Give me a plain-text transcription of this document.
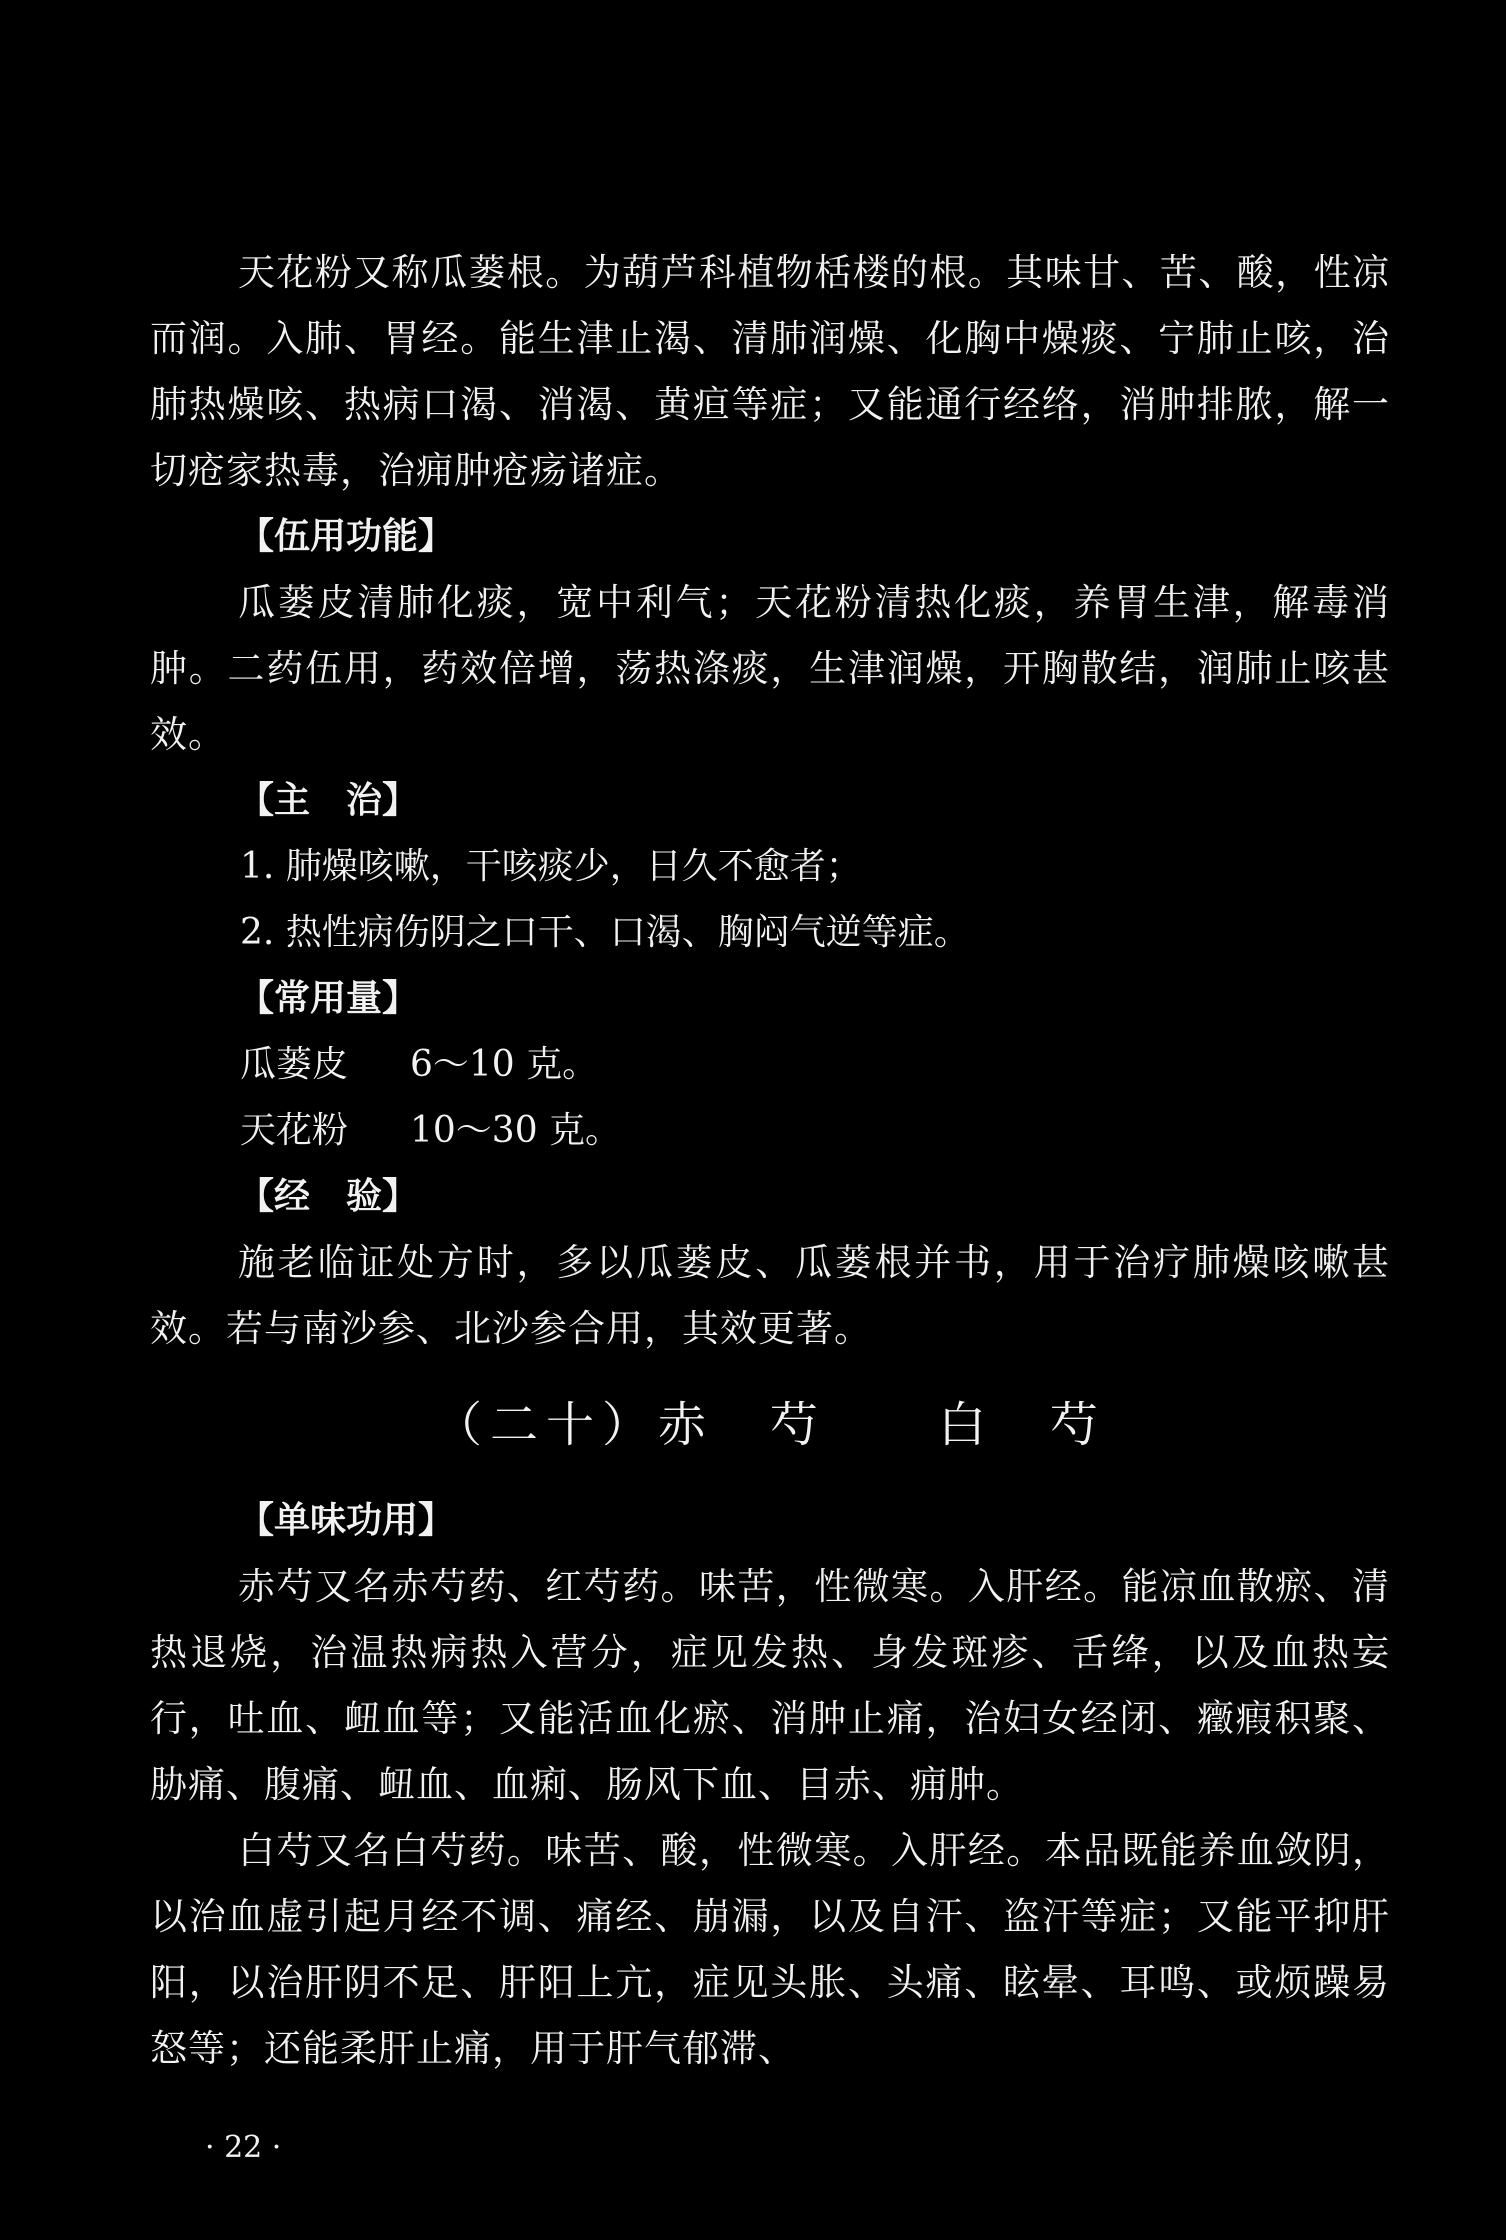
天花粉又称瓜蒌根。为葫芦科植物栝楼的根。其味甘、苦、酸，性凉而润。入肺、胃经。能生津止渴、清肺润燥、化胸中燥痰、宁肺止咳，治肺热燥咳、热病口渴、消渴、黄疸等症；又能通行经络，消肿排脓，解一切疮家热毒，治痈肿疮疡诸症。

【伍用功能】

瓜蒌皮清肺化痰，宽中利气；天花粉清热化痰，养胃生津，解毒消肿。二药伍用，药效倍增，荡热涤痰，生津润燥，开胸散结，润肺止咳甚效。

【主　治】

1. 肺燥咳嗽，干咳痰少，日久不愈者；

2. 热性病伤阴之口干、口渴、胸闷气逆等症。

【常用量】

瓜蒌皮 6～10 克。

天花粉 10～30 克。

【经　验】

施老临证处方时，多以瓜蒌皮、瓜蒌根并书，用于治疗肺燥咳嗽甚效。若与南沙参、北沙参合用，其效更著。

（二十）赤　芍　　白　芍

【单味功用】

赤芍又名赤芍药、红芍药。味苦，性微寒。入肝经。能凉血散瘀、清热退烧，治温热病热入营分，症见发热、身发斑疹、舌绛，以及血热妄行，吐血、衄血等；又能活血化瘀、消肿止痛，治妇女经闭、癥瘕积聚、胁痛、腹痛、衄血、血痢、肠风下血、目赤、痈肿。

白芍又名白芍药。味苦、酸，性微寒。入肝经。本品既能养血敛阴，以治血虚引起月经不调、痛经、崩漏，以及自汗、盗汗等症；又能平抑肝阳，以治肝阴不足、肝阳上亢，症见头胀、头痛、眩晕、耳鸣、或烦躁易怒等；还能柔肝止痛，用于肝气郁滞、

· 22 ·
